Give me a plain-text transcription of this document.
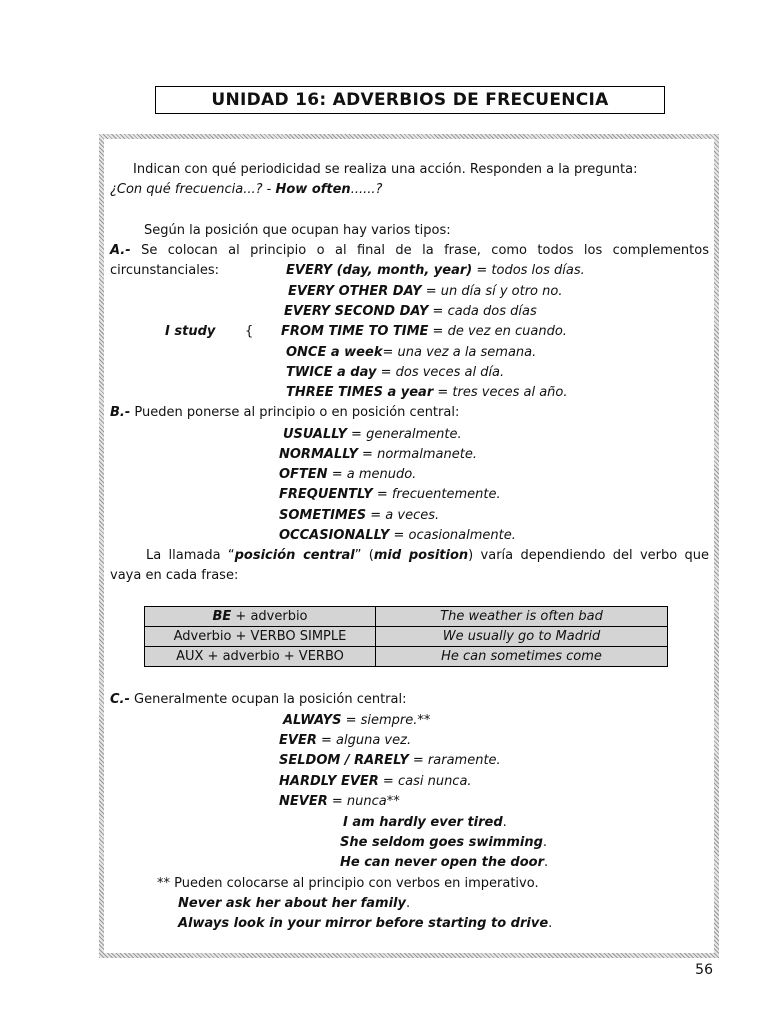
UNIDAD 16: ADVERBIOS DE FRECUENCIA
Indican con qué periodicidad se realiza una acción. Responden a la pregunta:
¿Con qué frecuencia...? - How often......?
Según la posición que ocupan hay varios tipos:
A.- Se colocan al principio o al final de la frase, como todos los complementos
circunstanciales:
I study {
EVERY (day, month, year) = todos los días.
EVERY OTHER DAY = un día sí y otro no.
EVERY SECOND DAY = cada dos días
FROM TIME TO TIME = de vez en cuando.
ONCE a week= una vez a la semana.
TWICE a day = dos veces al día.
THREE TIMES a year = tres veces al año.
B.- Pueden ponerse al principio o en posición central:
USUALLY = generalmente.
NORMALLY = normalmanete.
OFTEN = a menudo.
FREQUENTLY = frecuentemente.
SOMETIMES = a veces.
OCCASIONALLY = ocasionalmente.
La llamada “posición central” (mid position) varía dependiendo del verbo que
vaya en cada frase:
BE + adverbio	The weather is often bad
Adverbio + VERBO SIMPLE	We usually go to Madrid
AUX + adverbio + VERBO	He can sometimes come
C.- Generalmente ocupan la posición central:
ALWAYS = siempre.**
EVER = alguna vez.
SELDOM / RARELY = raramente.
HARDLY EVER = casi nunca.
NEVER = nunca**
I am hardly ever tired.
She seldom goes swimming.
He can never open the door.
** Pueden colocarse al principio con verbos en imperativo.
Never ask her about her family.
Always look in your mirror before starting to drive.
56
